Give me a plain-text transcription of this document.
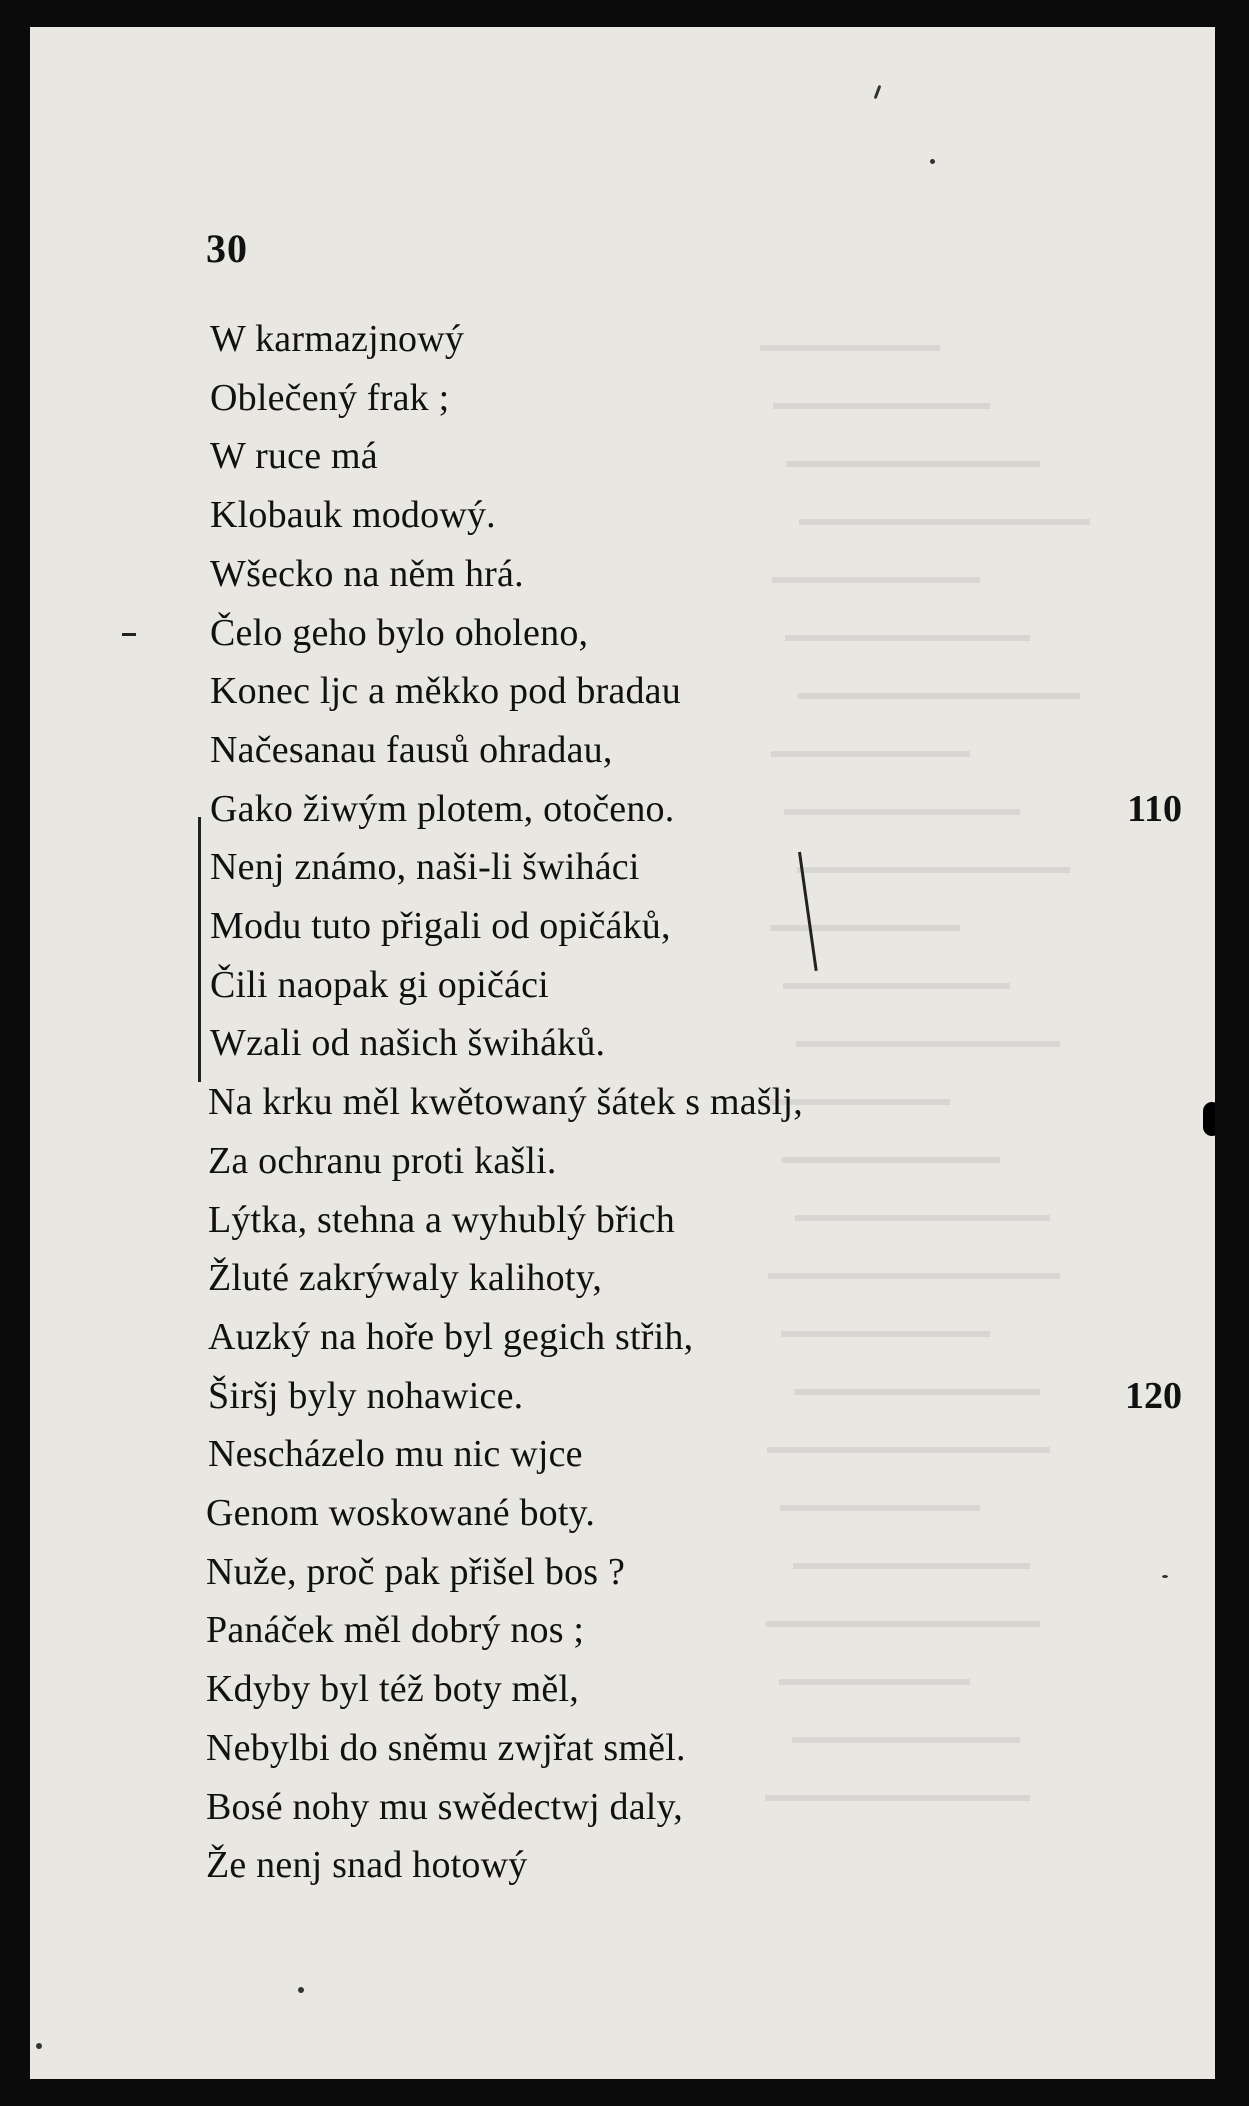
30
W karmazjnowý
Oblečený frak ;
W ruce má
Klobauk modowý.
Wšecko na něm hrá.
Čelo geho bylo oholeno,
Konec ljc a měkko pod bradau
Načesanau fausů ohradau,
Gako žiwým plotem, otočeno.
Nenj známo, naši-li šwiháci
Modu tuto přigali od opičáků,
Čili naopak gi opičáci
Wzali od našich šwiháků.
Na krku měl kwětowaný šátek s mašlj,
Za ochranu proti kašli.
Lýtka, stehna a wyhublý břich
Žluté zakrýwaly kalihoty,
Auzký na hoře byl gegich střih,
Širšj byly nohawice.
Nescházelo mu nic wjce
Genom woskowané boty.
Nuže, proč pak přišel bos ?
Panáček měl dobrý nos ;
Kdyby byl též boty měl,
Nebylbi do sněmu zwjřat směl.
Bosé nohy mu swědectwj daly,
Že nenj snad hotowý
110
120
